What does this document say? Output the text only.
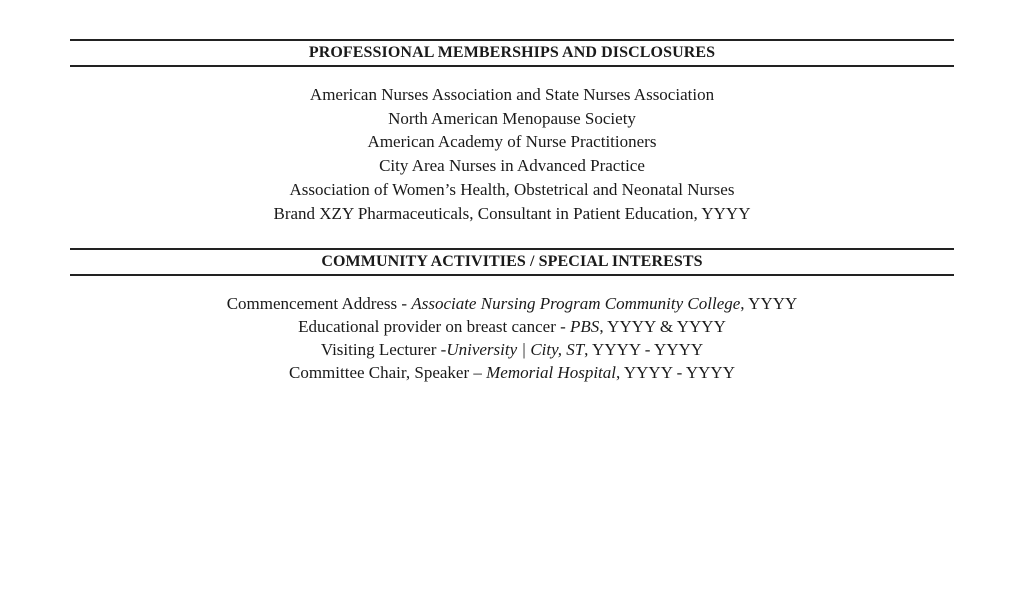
PROFESSIONAL MEMBERSHIPS AND DISCLOSURES
American Nurses Association and State Nurses Association
North American Menopause Society
American Academy of Nurse Practitioners
City Area Nurses in Advanced Practice
Association of Women’s Health, Obstetrical and Neonatal Nurses
Brand XZY Pharmaceuticals, Consultant in Patient Education, YYYY
COMMUNITY ACTIVITIES / SPECIAL INTERESTS
Commencement Address - Associate Nursing Program Community College, YYYY
Educational provider on breast cancer - PBS, YYYY & YYYY
Visiting Lecturer -University | City, ST, YYYY - YYYY
Committee Chair, Speaker – Memorial Hospital, YYYY - YYYY
